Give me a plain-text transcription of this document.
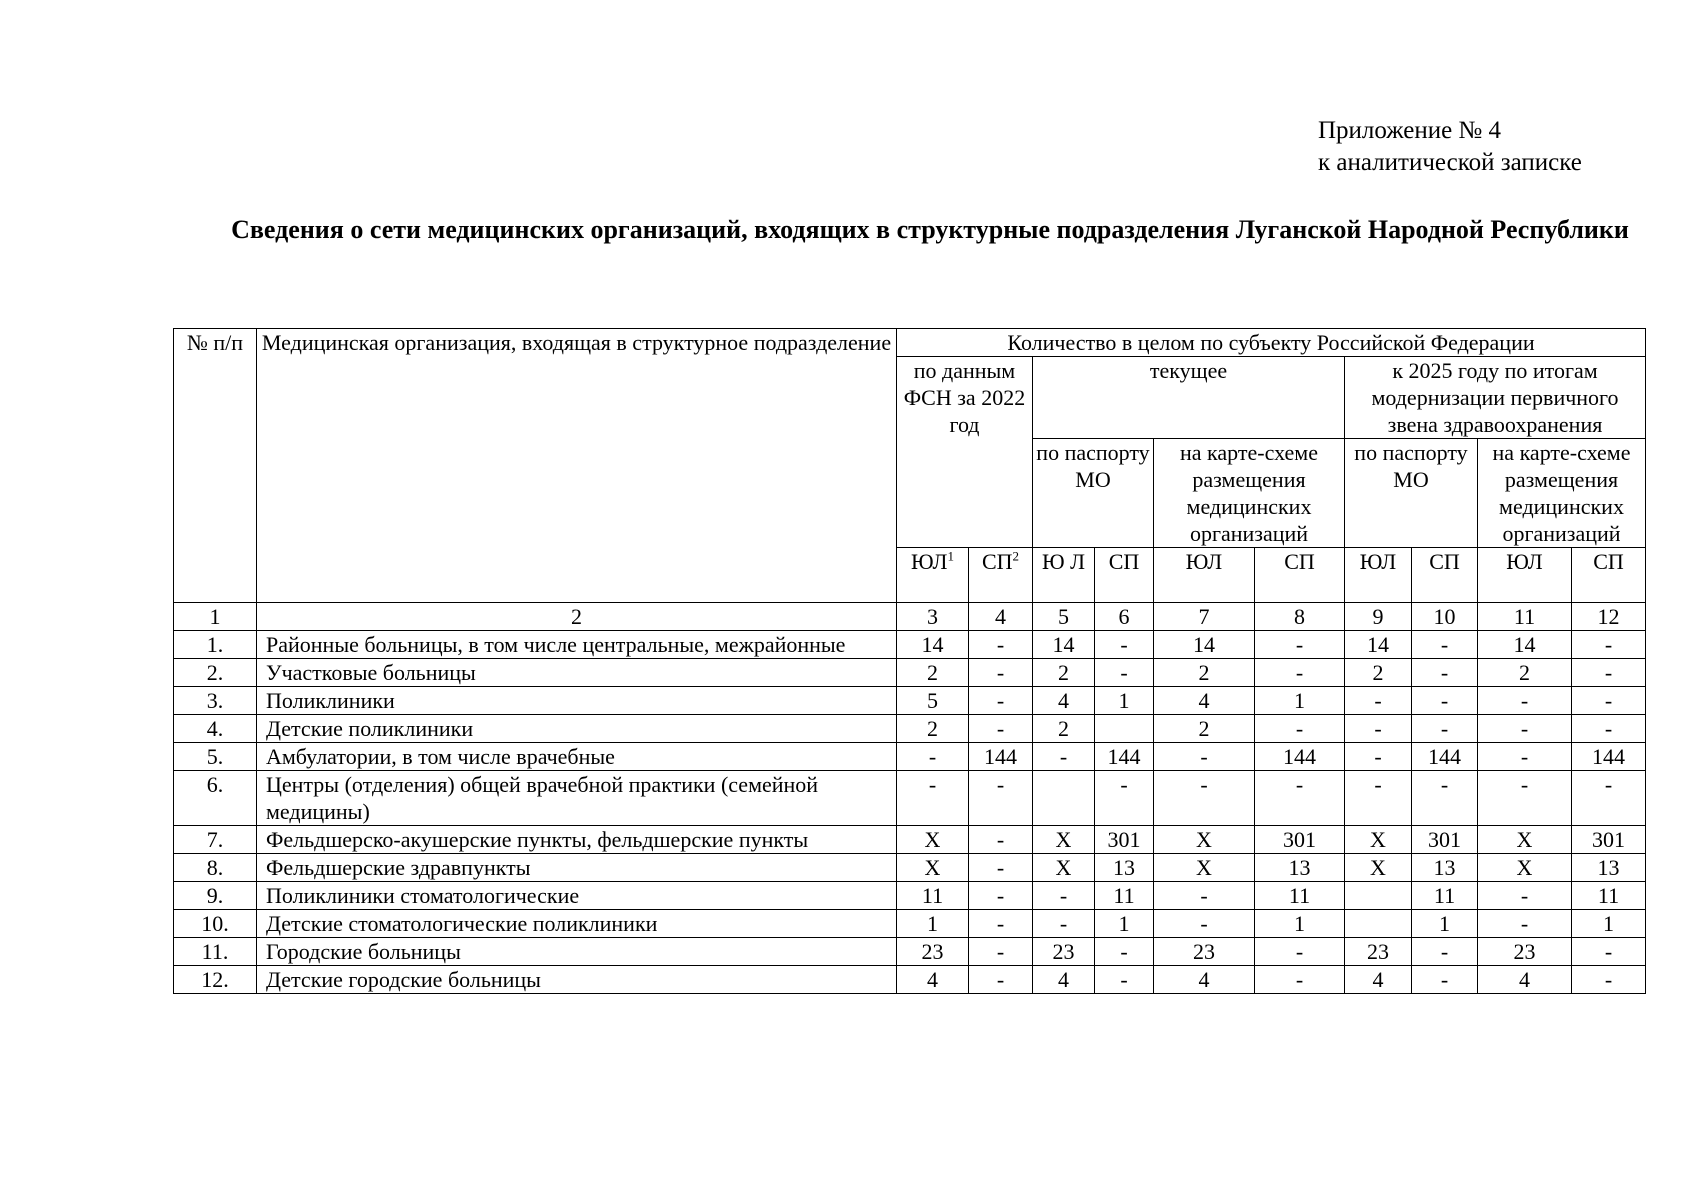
Приложение № 4
к аналитической записке
Сведения о сети медицинских организаций, входящих в структурные подразделения Луганской Народной Республики
№ п/п	Медицинская организация, входящая в структурное подразделение	Количество в целом по субъекту Российской Федерации									
		по данным ФСН за 2022 год		текущее				к 2025 году по итогам модернизации первичного звена здравоохранения			
				по паспорту МО		на карте-схеме размещения медицинских организаций		по паспорту МО		на карте-схеме размещения медицинских организаций	
		$ЮЛ^1$	$СП^2$	Ю Л	СП	ЮЛ	СП	ЮЛ	СП	ЮЛ	СП
1	2	3	4	5	6	7	8	9	10	11	12
1.	Районные больницы, в том числе центральные, межрайонные	14	-	14	-	14	-	14	-	14	-
2.	Участковые больницы	2	-	2	-	2	-	2	-	2	-
3.	Поликлиники	5	-	4	1	4	1	-	-	-	-
4.	Детские поликлиники	2	-	2		2	-	-	-	-	-
5.	Амбулатории, в том числе врачебные	-	144	-	144	-	144	-	144	-	144
6.	Центры (отделения) общей врачебной практики (семейной медицины)	-	-		-	-	-	-	-	-	-
7.	Фельдшерско-акушерские пункты, фельдшерские пункты	X	-	X	301	X	301	X	301	X	301
8.	Фельдшерские здравпункты	X	-	X	13	X	13	X	13	X	13
9.	Поликлиники стоматологические	11	-	-	11	-	11		11	-	11
10.	Детские стоматологические поликлиники	1	-	-	1	-	1		1	-	1
11.	Городские больницы	23	-	23	-	23	-	23	-	23	-
12.	Детские городские больницы	4	-	4	-	4	-	4	-	4	-
